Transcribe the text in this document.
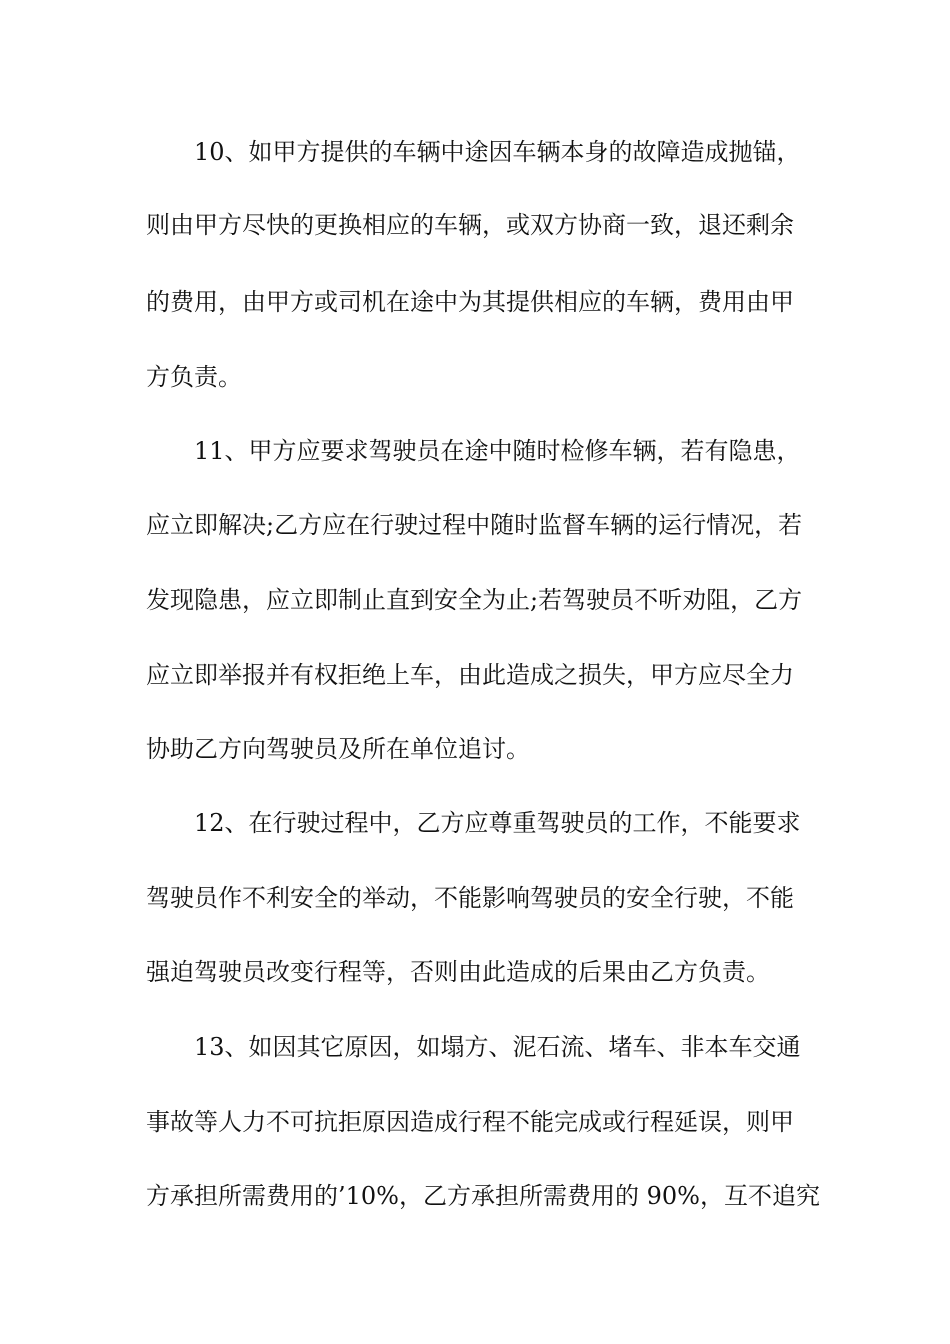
10、如甲方提供的车辆中途因车辆本身的故障造成抛锚，
则由甲方尽快的更换相应的车辆，或双方协商一致，退还剩余
的费用，由甲方或司机在途中为其提供相应的车辆，费用由甲
方负责。
11、甲方应要求驾驶员在途中随时检修车辆，若有隐患，
应立即解决;乙方应在行驶过程中随时监督车辆的运行情况，若
发现隐患，应立即制止直到安全为止;若驾驶员不听劝阻，乙方
应立即举报并有权拒绝上车，由此造成之损失，甲方应尽全力
协助乙方向驾驶员及所在单位追讨。
12、在行驶过程中，乙方应尊重驾驶员的工作，不能要求
驾驶员作不利安全的举动，不能影响驾驶员的安全行驶，不能
强迫驾驶员改变行程等，否则由此造成的后果由乙方负责。
13、如因其它原因，如塌方、泥石流、堵车、非本车交通
事故等人力不可抗拒原因造成行程不能完成或行程延误，则甲
方承担所需费用的’10%，乙方承担所需费用的 90%，互不追究
